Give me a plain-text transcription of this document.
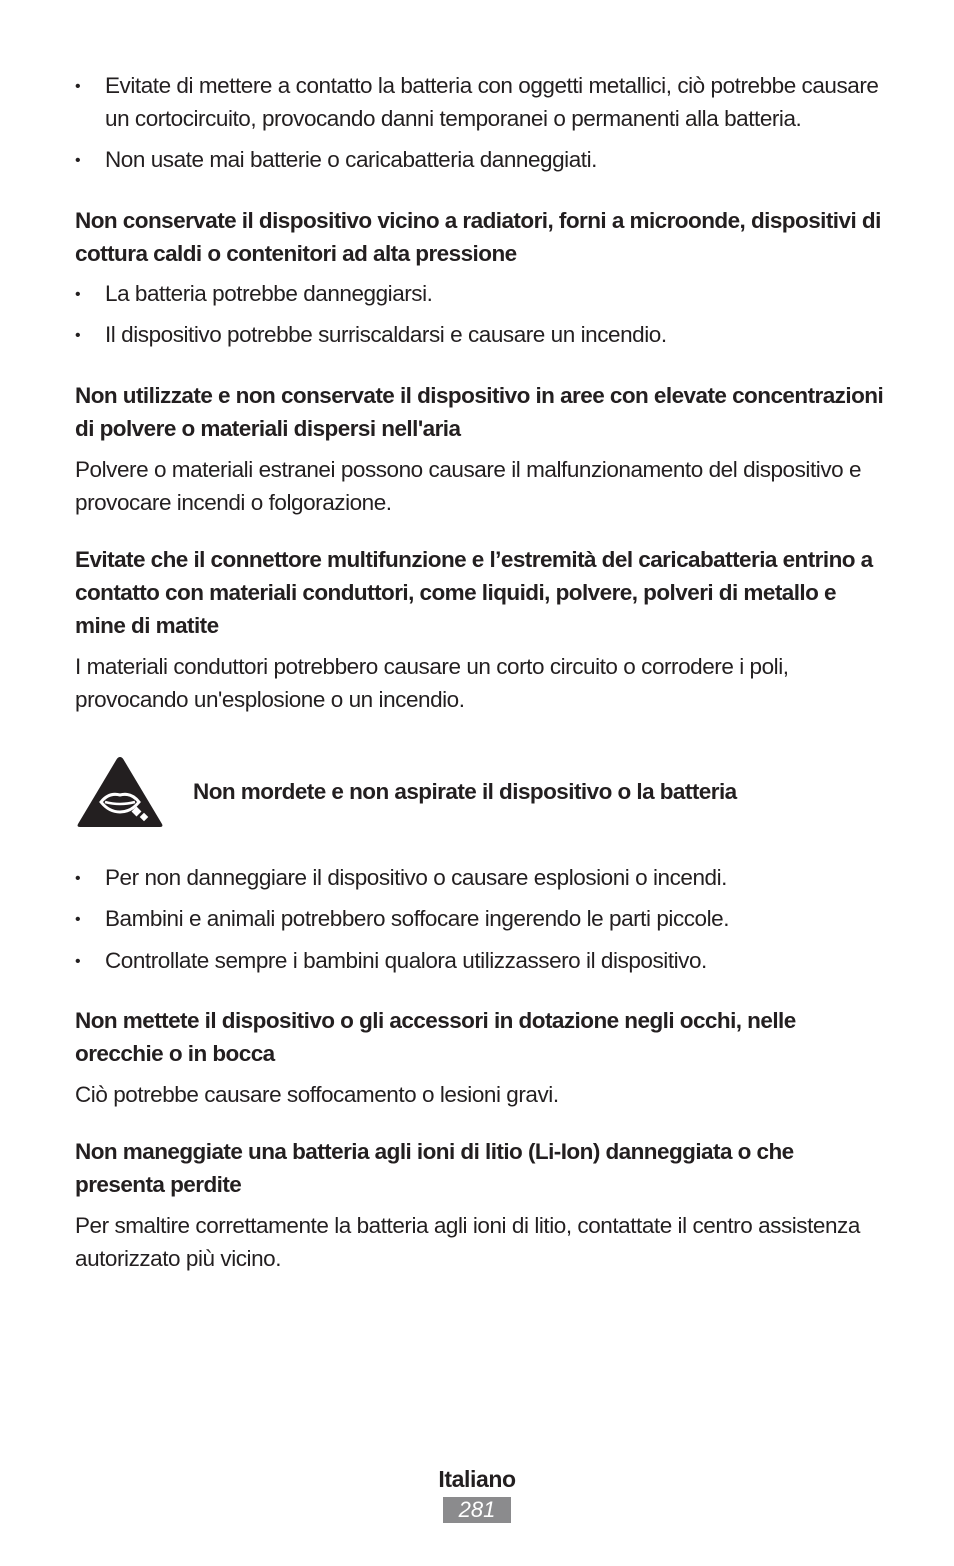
• Evitate di mettere a contatto la batteria con oggetti metallici, ciò potrebbe causare un cortocircuito, provocando danni temporanei o permanenti alla batteria.
• Non usate mai batterie o caricabatteria danneggiati.

Non conservate il dispositivo vicino a radiatori, forni a microonde, dispositivi di cottura caldi o contenitori ad alta pressione

• La batteria potrebbe danneggiarsi.
• Il dispositivo potrebbe surriscaldarsi e causare un incendio.

Non utilizzate e non conservate il dispositivo in aree con elevate concentrazioni di polvere o materiali dispersi nell'aria

Polvere o materiali estranei possono causare il malfunzionamento del dispositivo e provocare incendi o folgorazione.

Evitate che il connettore multifunzione e l’estremità del caricabatteria entrino a contatto con materiali conduttori, come liquidi, polvere, polveri di metallo e mine di matite

I materiali conduttori potrebbero causare un corto circuito o corrodere i poli, provocando un'esplosione o un incendio.

Non mordete e non aspirate il dispositivo o la batteria

• Per non danneggiare il dispositivo o causare esplosioni o incendi.
• Bambini e animali potrebbero soffocare ingerendo le parti piccole.
• Controllate sempre i bambini qualora utilizzassero il dispositivo.

Non mettete il dispositivo o gli accessori in dotazione negli occhi, nelle orecchie o in bocca

Ciò potrebbe causare soffocamento o lesioni gravi.

Non maneggiate una batteria agli ioni di litio (Li-Ion) danneggiata o che presenta perdite

Per smaltire correttamente la batteria agli ioni di litio, contattate il centro assistenza autorizzato più vicino.

Italiano
281
